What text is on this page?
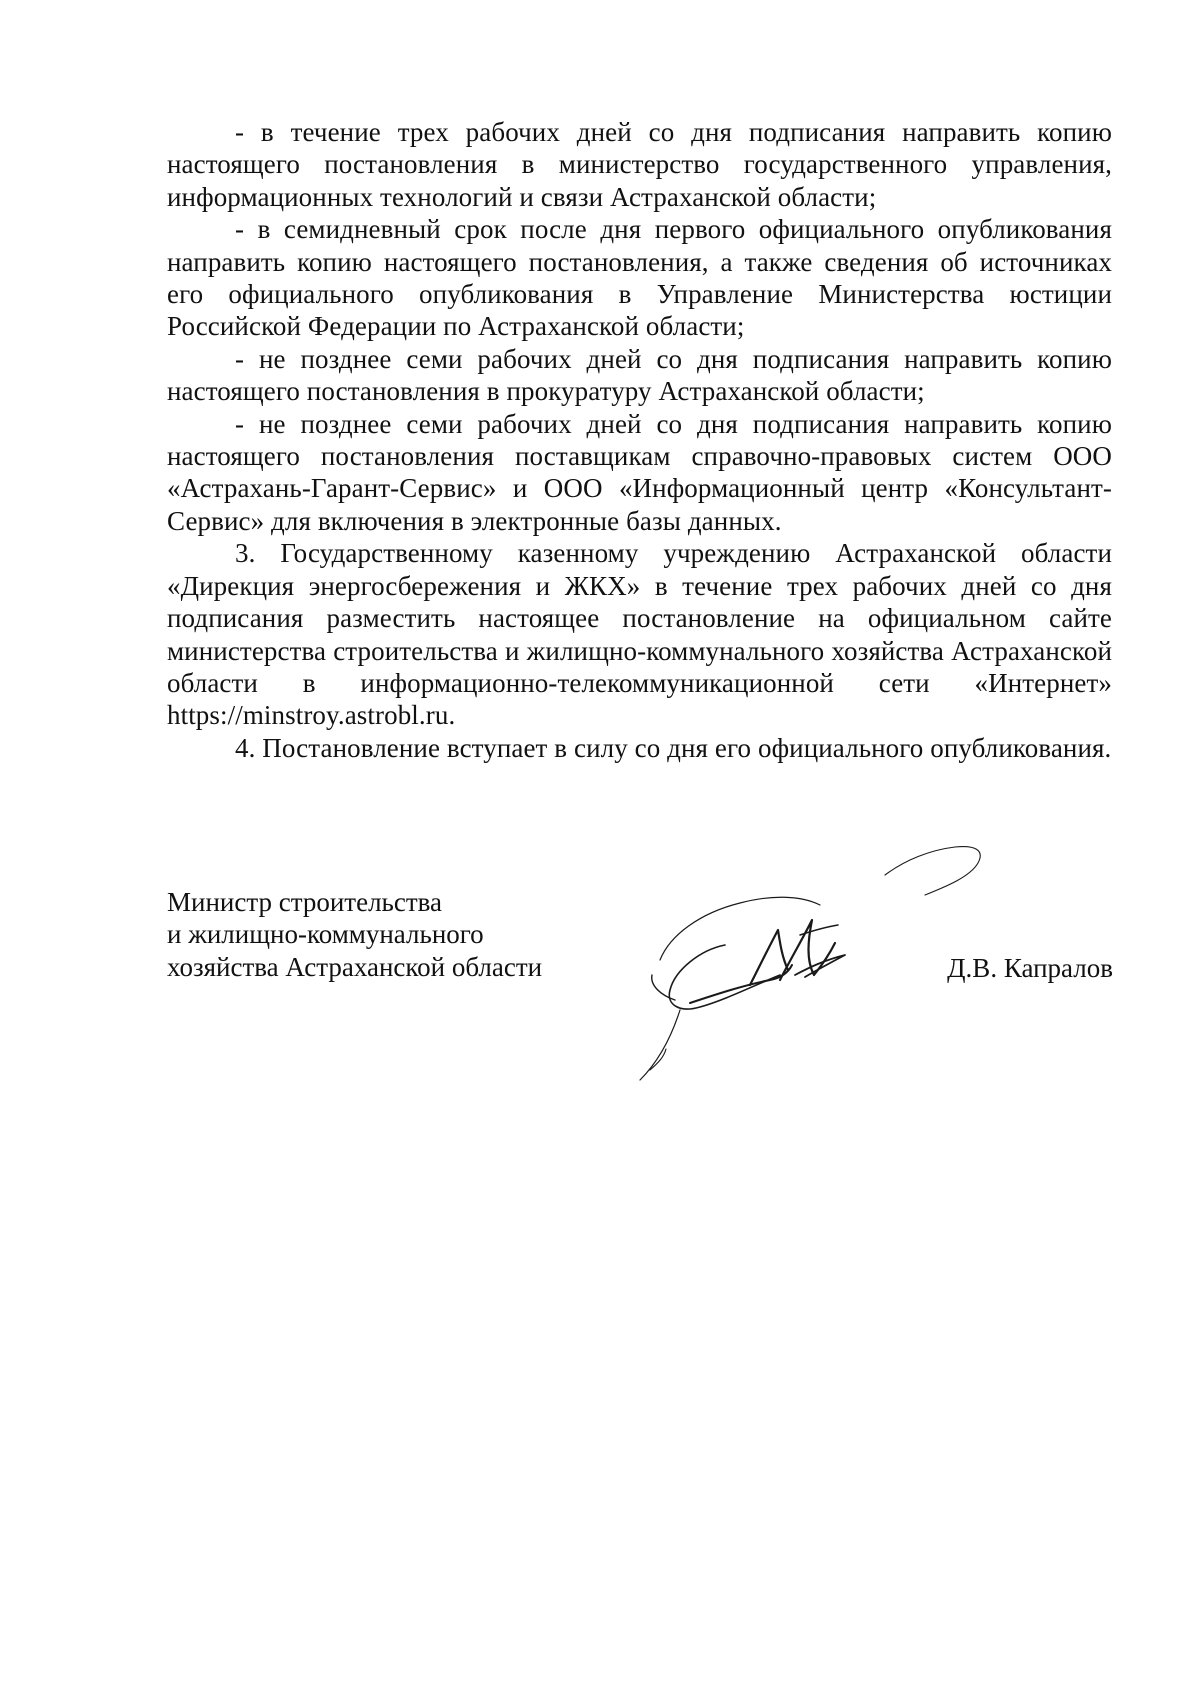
- в течение трех рабочих дней со дня подписания направить копию настоящего постановления в министерство государственного управления, информационных технологий и связи Астраханской области;

- в семидневный срок после дня первого официального опубликования направить копию настоящего постановления, а также сведения об источниках его официального опубликования в Управление Министерства юстиции Российской Федерации по Астраханской области;

- не позднее семи рабочих дней со дня подписания направить копию настоящего постановления в прокуратуру Астраханской области;

- не позднее семи рабочих дней со дня подписания направить копию настоящего постановления поставщикам справочно-правовых систем ООО «Астрахань-Гарант-Сервис» и ООО «Информационный центр «Консультант-Сервис» для включения в электронные базы данных.

3. Государственному казенному учреждению Астраханской области «Дирекция энергосбережения и ЖКХ» в течение трех рабочих дней со дня подписания разместить настоящее постановление на официальном сайте министерства строительства и жилищно-коммунального хозяйства Астраханской области в информационно-телекоммуникационной сети «Интернет» https://minstroy.astrobl.ru.

4. Постановление вступает в силу со дня его официального опубликования.

Министр строительства
и жилищно-коммунального
хозяйства Астраханской области	Д.В. Капралов
